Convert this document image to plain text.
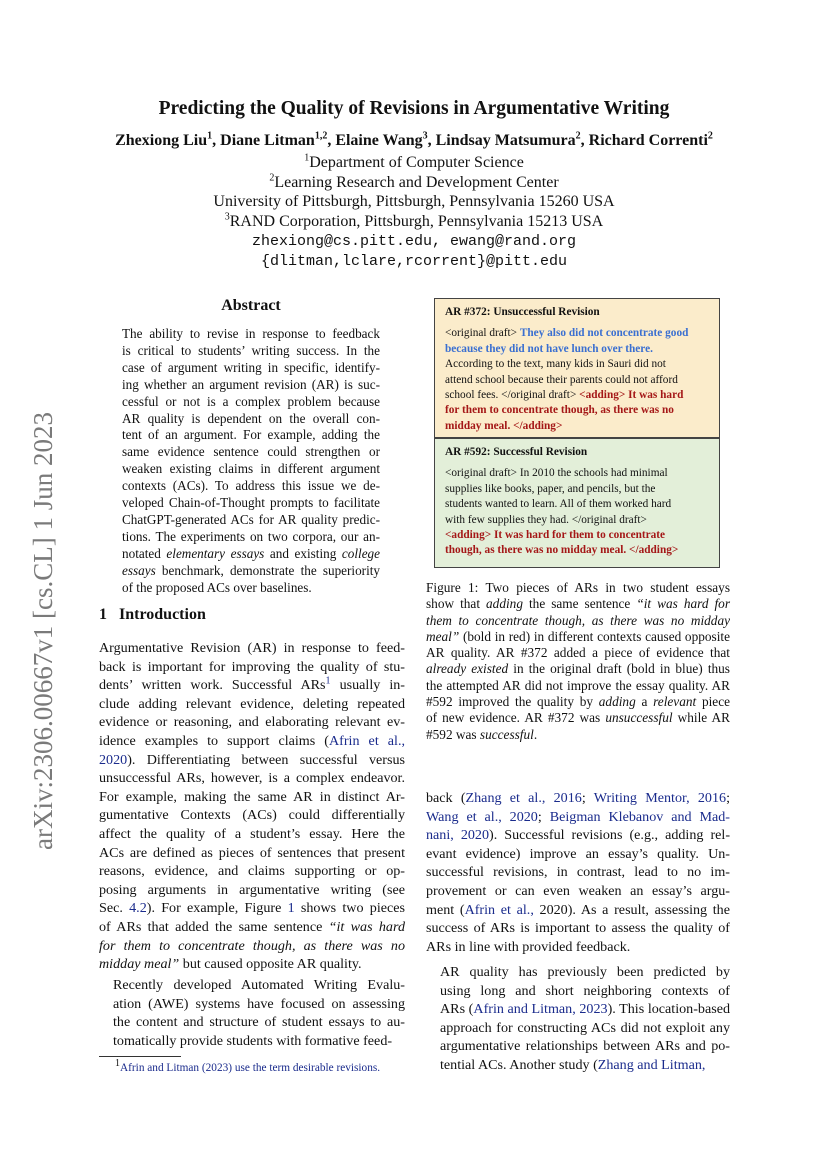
arXiv:2306.00667v1 [cs.CL] 1 Jun 2023
Predicting the Quality of Revisions in Argumentative Writing
Zhexiong Liu$^1$, Diane Litman$^{1,2}$, Elaine Wang$^3$, Lindsay Matsumura$^2$, Richard Correnti$^2$
$^1$Department of Computer Science
$^2$Learning Research and Development Center
University of Pittsburgh, Pittsburgh, Pennsylvania 15260 USA
$^3$RAND Corporation, Pittsburgh, Pennsylvania 15213 USA
zhexiong@cs.pitt.edu, ewang@rand.org
{dlitman,lclare,rcorrent}@pitt.edu
Abstract
The ability to revise in response to feedback
is critical to students’ writing success. In the
case of argument writing in specific, identify-
ing whether an argument revision (AR) is suc-
cessful or not is a complex problem because
AR quality is dependent on the overall con-
tent of an argument. For example, adding the
same evidence sentence could strengthen or
weaken existing claims in different argument
contexts (ACs). To address this issue we de-
veloped Chain-of-Thought prompts to facilitate
ChatGPT-generated ACs for AR quality predic-
tions. The experiments on two corpora, our an-
notated elementary essays and existing college
essays benchmark, demonstrate the superiority
of the proposed ACs over baselines.
1 Introduction
Argumentative Revision (AR) in response to feed-
back is important for improving the quality of stu-
dents’ written work. Successful ARs$^1$ usually in-
clude adding relevant evidence, deleting repeated
evidence or reasoning, and elaborating relevant ev-
idence examples to support claims (Afrin et al.,
2020). Differentiating between successful versus
unsuccessful ARs, however, is a complex endeavor.
For example, making the same AR in distinct Ar-
gumentative Contexts (ACs) could differentially
affect the quality of a student’s essay. Here the
ACs are defined as pieces of sentences that present
reasons, evidence, and claims supporting or op-
posing arguments in argumentative writing (see
Sec. 4.2). For example, Figure 1 shows two pieces
of ARs that added the same sentence “it was hard
for them to concentrate though, as there was no
midday meal” but caused opposite AR quality.
Recently developed Automated Writing Evalu-
ation (AWE) systems have focused on assessing
the content and structure of student essays to au-
tomatically provide students with formative feed-
$^1$Afrin and Litman (2023) use the term desirable revisions.
AR #372: Unsuccessful Revision
<original draft> They also did not concentrate good
because they did not have lunch over there.
According to the text, many kids in Sauri did not
attend school because their parents could not afford
school fees. </original draft> <adding> It was hard
for them to concentrate though, as there was no
midday meal. </adding>
AR #592: Successful Revision
<original draft> In 2010 the schools had minimal
supplies like books, paper, and pencils, but the
students wanted to learn. All of them worked hard
with few supplies they had. </original draft>
<adding> It was hard for them to concentrate
though, as there was no midday meal. </adding>
Figure 1: Two pieces of ARs in two student essays
show that adding the same sentence “it was hard for
them to concentrate though, as there was no midday
meal” (bold in red) in different contexts caused opposite
AR quality. AR #372 added a piece of evidence that
already existed in the original draft (bold in blue) thus
the attempted AR did not improve the essay quality. AR
#592 improved the quality by adding a relevant piece
of new evidence. AR #372 was unsuccessful while AR
#592 was successful.
back (Zhang et al., 2016; Writing Mentor, 2016;
Wang et al., 2020; Beigman Klebanov and Mad-
nani, 2020). Successful revisions (e.g., adding rel-
evant evidence) improve an essay’s quality. Un-
successful revisions, in contrast, lead to no im-
provement or can even weaken an essay’s argu-
ment (Afrin et al., 2020). As a result, assessing the
success of ARs is important to assess the quality of
ARs in line with provided feedback.
AR quality has previously been predicted by
using long and short neighboring contexts of
ARs (Afrin and Litman, 2023). This location-based
approach for constructing ACs did not exploit any
argumentative relationships between ARs and po-
tential ACs. Another study (Zhang and Litman,
